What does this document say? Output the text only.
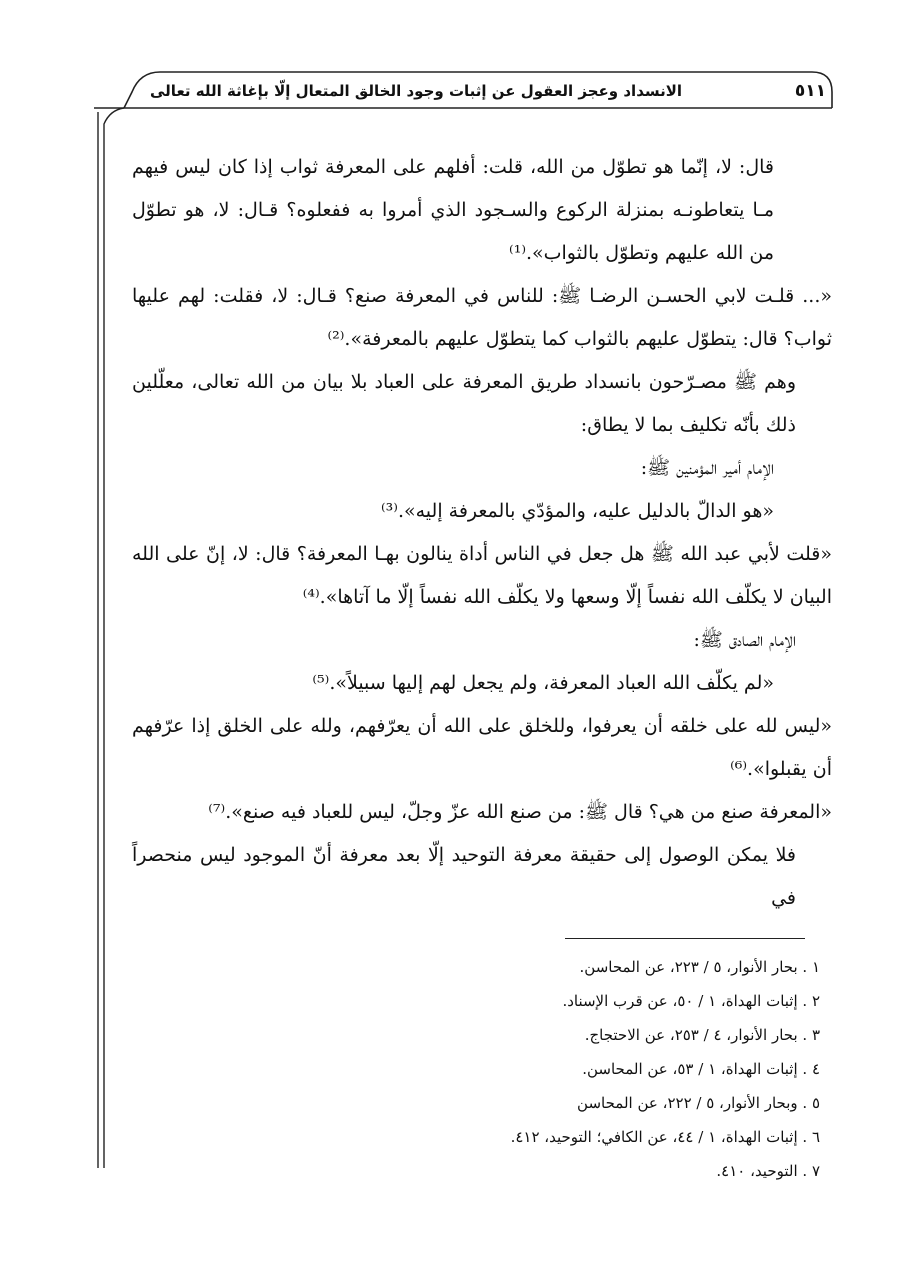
٥١١
الانسداد وعجز العقول عن إثبات وجود الخالق المتعال إلّا بإغاثة الله تعالى

قال: لا، إنّما هو تطوّل من الله، قلت: أفلهم على المعرفة ثواب إذا كان ليس فيهم مـا يتعاطونـه بمنزلة الركوع والسـجود الذي أمروا به ففعلوه؟ قـال: لا، هو تطوّل من الله عليهم وتطوّل بالثواب».⁽¹⁾

«... قلـت لابي الحسـن الرضـا ﷺ: للناس في المعرفة صنع؟ قـال: لا، فقلت: لهم عليها ثواب؟ قال: يتطوّل عليهم بالثواب كما يتطوّل عليهم بالمعرفة».⁽²⁾

وهم ﷺ مصـرّحون بانسداد طريق المعرفة على العباد بلا بيان من الله تعالى، معلّلين ذلك بأنّه تكليف بما لا يطاق:

الإمام أمير المؤمنين ﷺ:

«هو الدالّ بالدليل عليه، والمؤدّي بالمعرفة إليه».⁽³⁾

«قلت لأبي عبد الله ﷺ هل جعل في الناس أداة ينالون بهـا المعرفة؟ قال: لا، إنّ على الله البيان لا يكلّف الله نفساً إلّا وسعها ولا يكلّف الله نفساً إلّا ما آتاها».⁽⁴⁾

الإمام الصادق ﷺ:

«لم يكلّف الله العباد المعرفة، ولم يجعل لهم إليها سبيلاً».⁽⁵⁾

«ليس لله على خلقه أن يعرفوا، وللخلق على الله أن يعرّفهم، ولله على الخلق إذا عرّفهم أن يقبلوا».⁽⁶⁾

«المعرفة صنع من هي؟ قال ﷺ: من صنع الله عزّ وجلّ، ليس للعباد فيه صنع».⁽⁷⁾

فلا يمكن الوصول إلى حقيقة معرفة التوحيد إلّا بعد معرفة أنّ الموجود ليس منحصراً في

١ . بحار الأنوار، ٥ / ٢٢٣، عن المحاسن.

٢ . إثبات الهداة، ١ / ٥٠، عن قرب الإسناد.

٣ . بحار الأنوار، ٤ / ٢٥٣، عن الاحتجاج.

٤ . إثبات الهداة، ١ / ٥٣، عن المحاسن.

٥ . وبحار الأنوار، ٥ / ٢٢٢، عن المحاسن

٦ . إثبات الهداة، ١ / ٤٤، عن الكافي؛ التوحيد، ٤١٢.

٧ . التوحيد، ٤١٠.
